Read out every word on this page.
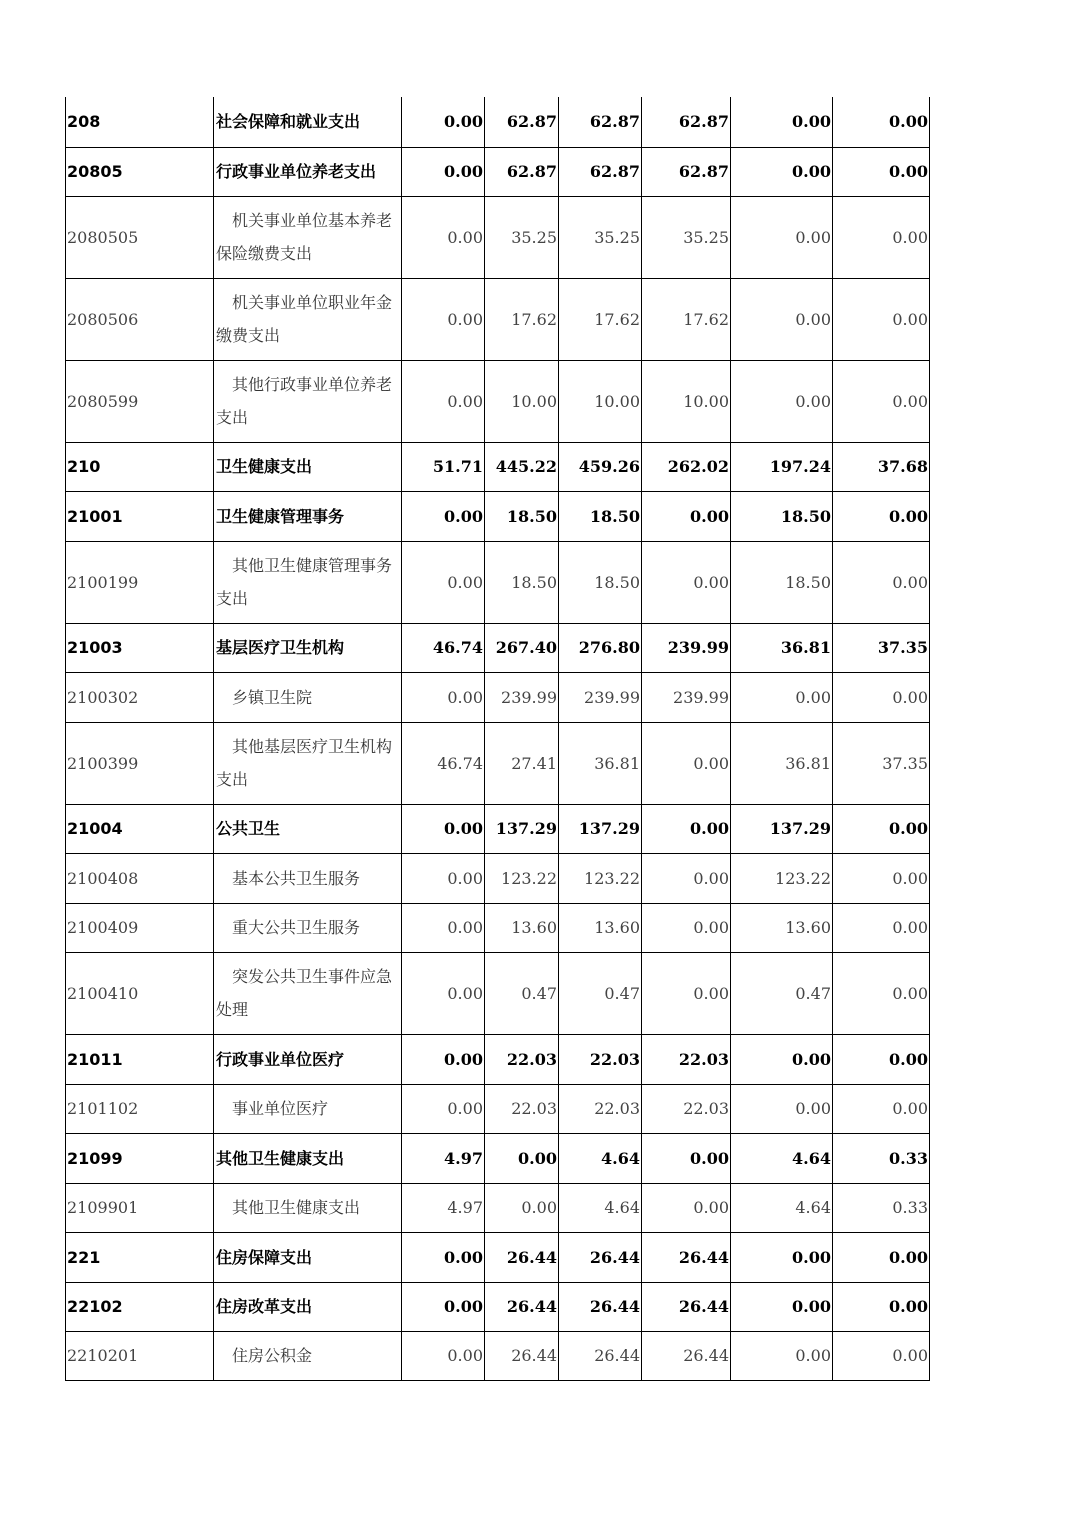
208	社会保障和就业支出	0.00	62.87	62.87	62.87	0.00	0.00
20805	行政事业单位养老支出	0.00	62.87	62.87	62.87	0.00	0.00
2080505	　机关事业单位基本养老保险缴费支出	0.00	35.25	35.25	35.25	0.00	0.00
2080506	　机关事业单位职业年金缴费支出	0.00	17.62	17.62	17.62	0.00	0.00
2080599	　其他行政事业单位养老支出	0.00	10.00	10.00	10.00	0.00	0.00
210	卫生健康支出	51.71	445.22	459.26	262.02	197.24	37.68
21001	卫生健康管理事务	0.00	18.50	18.50	0.00	18.50	0.00
2100199	　其他卫生健康管理事务支出	0.00	18.50	18.50	0.00	18.50	0.00
21003	基层医疗卫生机构	46.74	267.40	276.80	239.99	36.81	37.35
2100302	　乡镇卫生院	0.00	239.99	239.99	239.99	0.00	0.00
2100399	　其他基层医疗卫生机构支出	46.74	27.41	36.81	0.00	36.81	37.35
21004	公共卫生	0.00	137.29	137.29	0.00	137.29	0.00
2100408	　基本公共卫生服务	0.00	123.22	123.22	0.00	123.22	0.00
2100409	　重大公共卫生服务	0.00	13.60	13.60	0.00	13.60	0.00
2100410	　突发公共卫生事件应急处理	0.00	0.47	0.47	0.00	0.47	0.00
21011	行政事业单位医疗	0.00	22.03	22.03	22.03	0.00	0.00
2101102	　事业单位医疗	0.00	22.03	22.03	22.03	0.00	0.00
21099	其他卫生健康支出	4.97	0.00	4.64	0.00	4.64	0.33
2109901	　其他卫生健康支出	4.97	0.00	4.64	0.00	4.64	0.33
221	住房保障支出	0.00	26.44	26.44	26.44	0.00	0.00
22102	住房改革支出	0.00	26.44	26.44	26.44	0.00	0.00
2210201	　住房公积金	0.00	26.44	26.44	26.44	0.00	0.00
